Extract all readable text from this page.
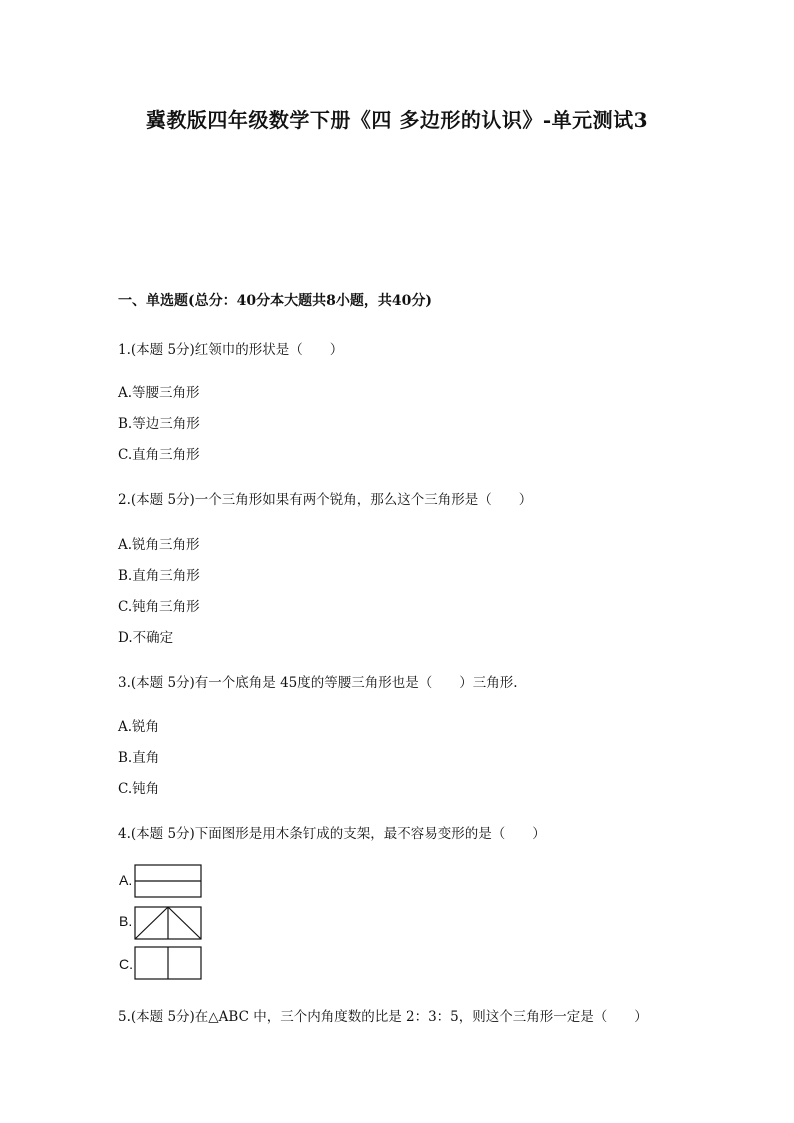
冀教版四年级数学下册《四 多边形的认识》-单元测试3
一、单选题(总分：40分本大题共8小题，共40分)
1.(本题 5分)红领巾的形状是（　　）
A.等腰三角形
B.等边三角形
C.直角三角形
2.(本题 5分)一个三角形如果有两个锐角，那么这个三角形是（　　）
A.锐角三角形
B.直角三角形
C.钝角三角形
D.不确定
3.(本题 5分)有一个底角是 45度的等腰三角形也是（　　）三角形.
A.锐角
B.直角
C.钝角
4.(本题 5分)下面图形是用木条钉成的支架，最不容易变形的是（　　）
A.
B.
C.
5.(本题 5分)在△ABC 中，三个内角度数的比是 2：3：5，则这个三角形一定是（　　）
